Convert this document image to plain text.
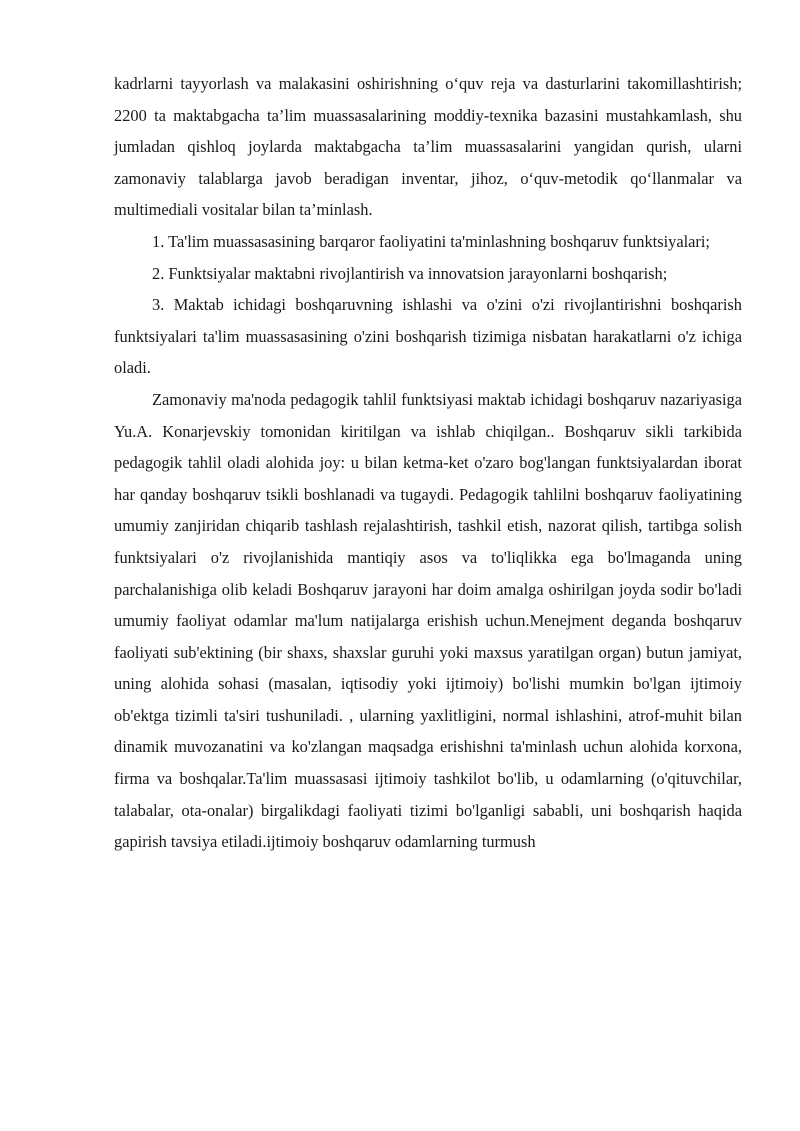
kadrlarni tayyorlash va malakasini oshirishning o‘quv reja va dasturlarini takomillashtirish; 2200 ta maktabgacha ta’lim muassasalarining moddiy-texnika bazasini mustahkamlash, shu jumladan qishloq joylarda maktabgacha ta’lim muassasalarini yangidan qurish, ularni zamonaviy talablarga javob beradigan inventar, jihoz, o‘quv-metodik qo‘llanmalar va multimediali vositalar bilan ta’minlash.

1. Ta'lim muassasasining barqaror faoliyatini ta'minlashning boshqaruv funktsiyalari;

2. Funktsiyalar maktabni rivojlantirish va innovatsion jarayonlarni boshqarish;

3. Maktab ichidagi boshqaruvning ishlashi va o'zini o'zi rivojlantirishni boshqarish funktsiyalari ta'lim muassasasining o'zini boshqarish tizimiga nisbatan harakatlarni o'z ichiga oladi.

Zamonaviy ma'noda pedagogik tahlil funktsiyasi maktab ichidagi boshqaruv nazariyasiga Yu.A. Konarjevskiy tomonidan kiritilgan va ishlab chiqilgan.. Boshqaruv sikli tarkibida pedagogik tahlil oladi alohida joy: u bilan ketma-ket o'zaro bog'langan funktsiyalardan iborat har qanday boshqaruv tsikli boshlanadi va tugaydi. Pedagogik tahlilni boshqaruv faoliyatining umumiy zanjiridan chiqarib tashlash rejalashtirish, tashkil etish, nazorat qilish, tartibga solish funktsiyalari o'z rivojlanishida mantiqiy asos va to'liqlikka ega bo'lmaganda uning parchalanishiga olib keladi Boshqaruv jarayoni har doim amalga oshirilgan joyda sodir bo'ladi umumiy faoliyat odamlar ma'lum natijalarga erishish uchun.Menejment deganda boshqaruv faoliyati sub'ektining (bir shaxs, shaxslar guruhi yoki maxsus yaratilgan organ) butun jamiyat, uning alohida sohasi (masalan, iqtisodiy yoki ijtimoiy) bo'lishi mumkin bo'lgan ijtimoiy ob'ektga tizimli ta'siri tushuniladi. , ularning yaxlitligini, normal ishlashini, atrof-muhit bilan dinamik muvozanatini va ko'zlangan maqsadga erishishni ta'minlash uchun alohida korxona, firma va boshqalar.Ta'lim muassasasi ijtimoiy tashkilot bo'lib, u odamlarning (o'qituvchilar, talabalar, ota-onalar) birgalikdagi faoliyati tizimi bo'lganligi sababli, uni boshqarish haqida gapirish tavsiya etiladi.ijtimoiy boshqaruv odamlarning turmush
